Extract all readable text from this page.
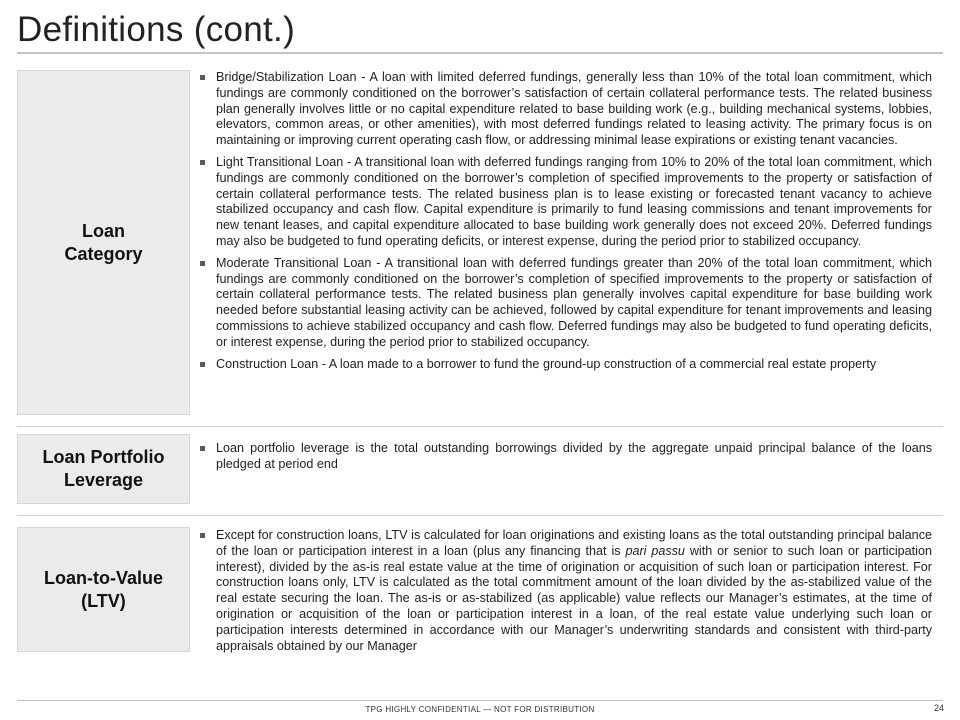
Definitions (cont.)
Loan
Category
Bridge/Stabilization Loan - A loan with limited deferred fundings, generally less than 10% of the total loan commitment, which fundings are commonly conditioned on the borrower’s satisfaction of certain collateral performance tests. The related business plan generally involves little or no capital expenditure related to base building work (e.g., building mechanical systems, lobbies, elevators, common areas, or other amenities), with most deferred fundings related to leasing activity. The primary focus is on maintaining or improving current operating cash flow, or addressing minimal lease expirations or existing tenant vacancies.
Light Transitional Loan - A transitional loan with deferred fundings ranging from 10% to 20% of the total loan commitment, which fundings are commonly conditioned on the borrower’s completion of specified improvements to the property or satisfaction of certain collateral performance tests. The related business plan is to lease existing or forecasted tenant vacancy to achieve stabilized occupancy and cash flow. Capital expenditure is primarily to fund leasing commissions and tenant improvements for new tenant leases, and capital expenditure allocated to base building work generally does not exceed 20%. Deferred fundings may also be budgeted to fund operating deficits, or interest expense, during the period prior to stabilized occupancy.
Moderate Transitional Loan - A transitional loan with deferred fundings greater than 20% of the total loan commitment, which fundings are commonly conditioned on the borrower’s completion of specified improvements to the property or satisfaction of certain collateral performance tests. The related business plan generally involves capital expenditure for base building work needed before substantial leasing activity can be achieved, followed by capital expenditure for tenant improvements and leasing commissions to achieve stabilized occupancy and cash flow. Deferred fundings may also be budgeted to fund operating deficits, or interest expense, during the period prior to stabilized occupancy.
Construction Loan - A loan made to a borrower to fund the ground-up construction of a commercial real estate property
Loan Portfolio
Leverage
Loan portfolio leverage is the total outstanding borrowings divided by the aggregate unpaid principal balance of the loans pledged at period end
Loan-to-Value
(LTV)
Except for construction loans, LTV is calculated for loan originations and existing loans as the total outstanding principal balance of the loan or participation interest in a loan (plus any financing that is pari passu with or senior to such loan or participation interest), divided by the as-is real estate value at the time of origination or acquisition of such loan or participation interest. For construction loans only, LTV is calculated as the total commitment amount of the loan divided by the as-stabilized value of the real estate securing the loan. The as-is or as-stabilized (as applicable) value reflects our Manager’s estimates, at the time of origination or acquisition of the loan or participation interest in a loan, of the real estate value underlying such loan or participation interests determined in accordance with our Manager’s underwriting standards and consistent with third-party appraisals obtained by our Manager
TPG HIGHLY CONFIDENTIAL — NOT FOR DISTRIBUTION	24
